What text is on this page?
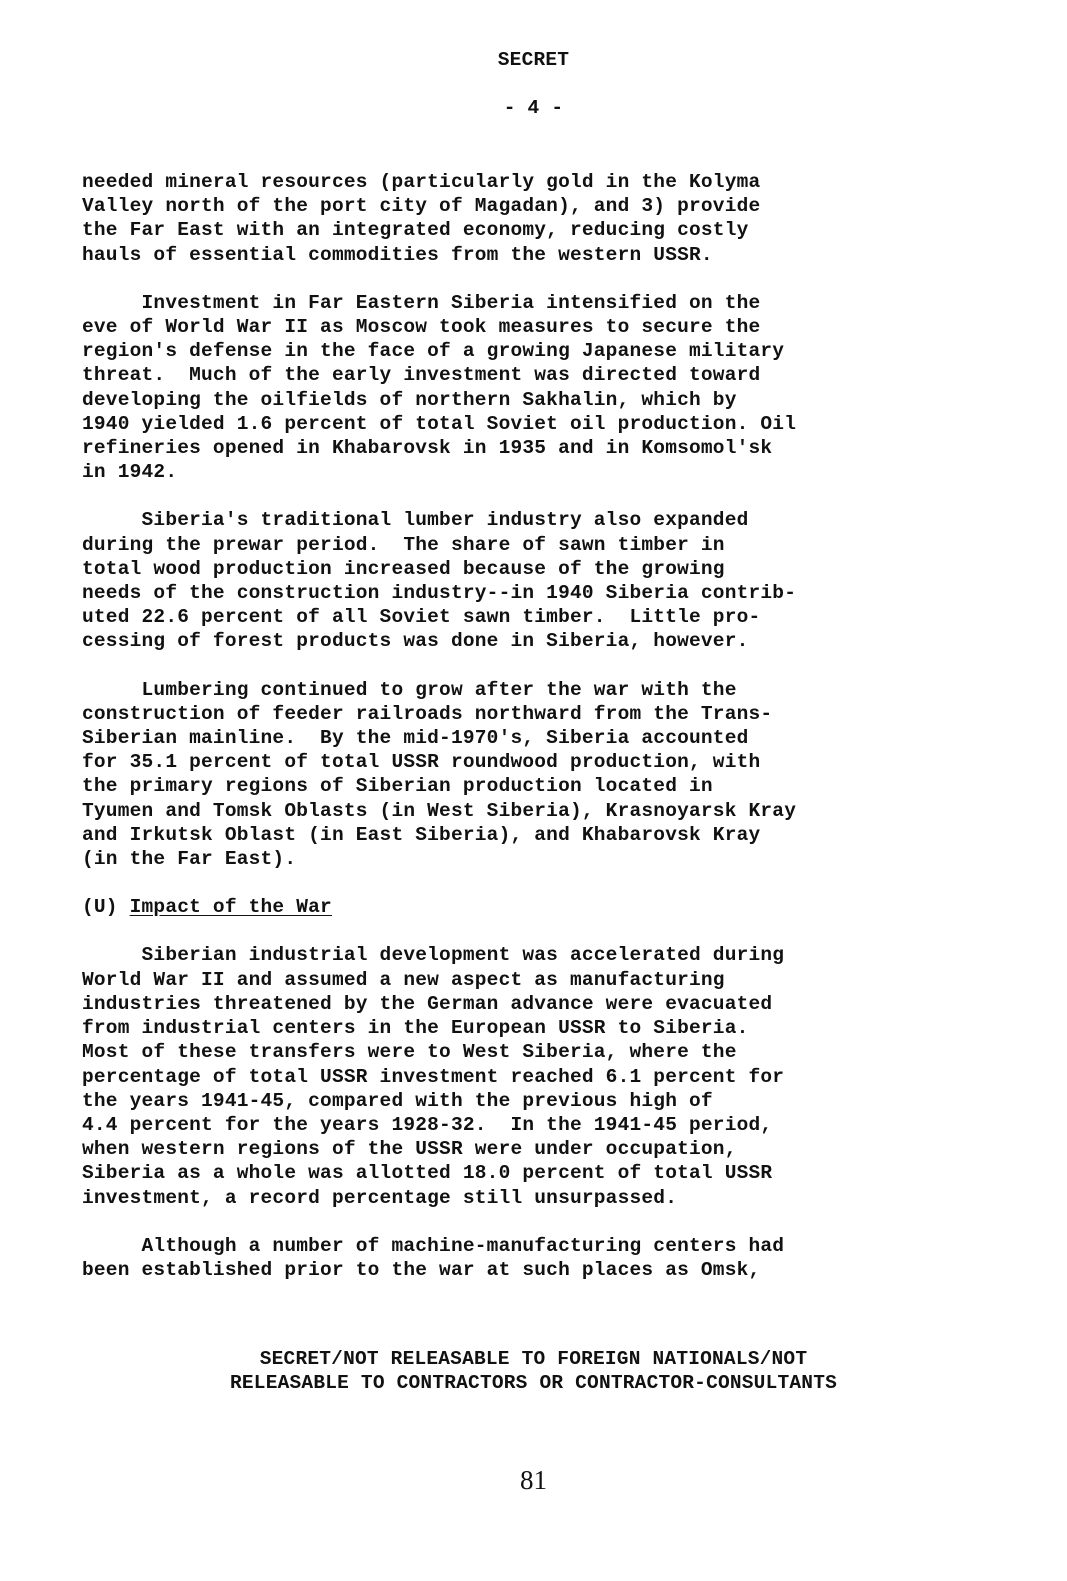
SECRET
- 4 -

needed mineral resources (particularly gold in the Kolyma
Valley north of the port city of Magadan), and 3) provide
the Far East with an integrated economy, reducing costly
hauls of essential commodities from the western USSR.

Investment in Far Eastern Siberia intensified on the
eve of World War II as Moscow took measures to secure the
region's defense in the face of a growing Japanese military
threat.  Much of the early investment was directed toward
developing the oilfields of northern Sakhalin, which by
1940 yielded 1.6 percent of total Soviet oil production. Oil
refineries opened in Khabarovsk in 1935 and in Komsomol'sk
in 1942.

Siberia's traditional lumber industry also expanded
during the prewar period.  The share of sawn timber in
total wood production increased because of the growing
needs of the construction industry--in 1940 Siberia contrib-
uted 22.6 percent of all Soviet sawn timber.  Little pro-
cessing of forest products was done in Siberia, however.

Lumbering continued to grow after the war with the
construction of feeder railroads northward from the Trans-
Siberian mainline.  By the mid-1970's, Siberia accounted
for 35.1 percent of total USSR roundwood production, with
the primary regions of Siberian production located in
Tyumen and Tomsk Oblasts (in West Siberia), Krasnoyarsk Kray
and Irkutsk Oblast (in East Siberia), and Khabarovsk Kray
(in the Far East).

(U) Impact of the War

Siberian industrial development was accelerated during
World War II and assumed a new aspect as manufacturing
industries threatened by the German advance were evacuated
from industrial centers in the European USSR to Siberia.
Most of these transfers were to West Siberia, where the
percentage of total USSR investment reached 6.1 percent for
the years 1941-45, compared with the previous high of
4.4 percent for the years 1928-32.  In the 1941-45 period,
when western regions of the USSR were under occupation,
Siberia as a whole was allotted 18.0 percent of total USSR
investment, a record percentage still unsurpassed.

Although a number of machine-manufacturing centers had
been established prior to the war at such places as Omsk,

SECRET/NOT RELEASABLE TO FOREIGN NATIONALS/NOT
RELEASABLE TO CONTRACTORS OR CONTRACTOR-CONSULTANTS
81
